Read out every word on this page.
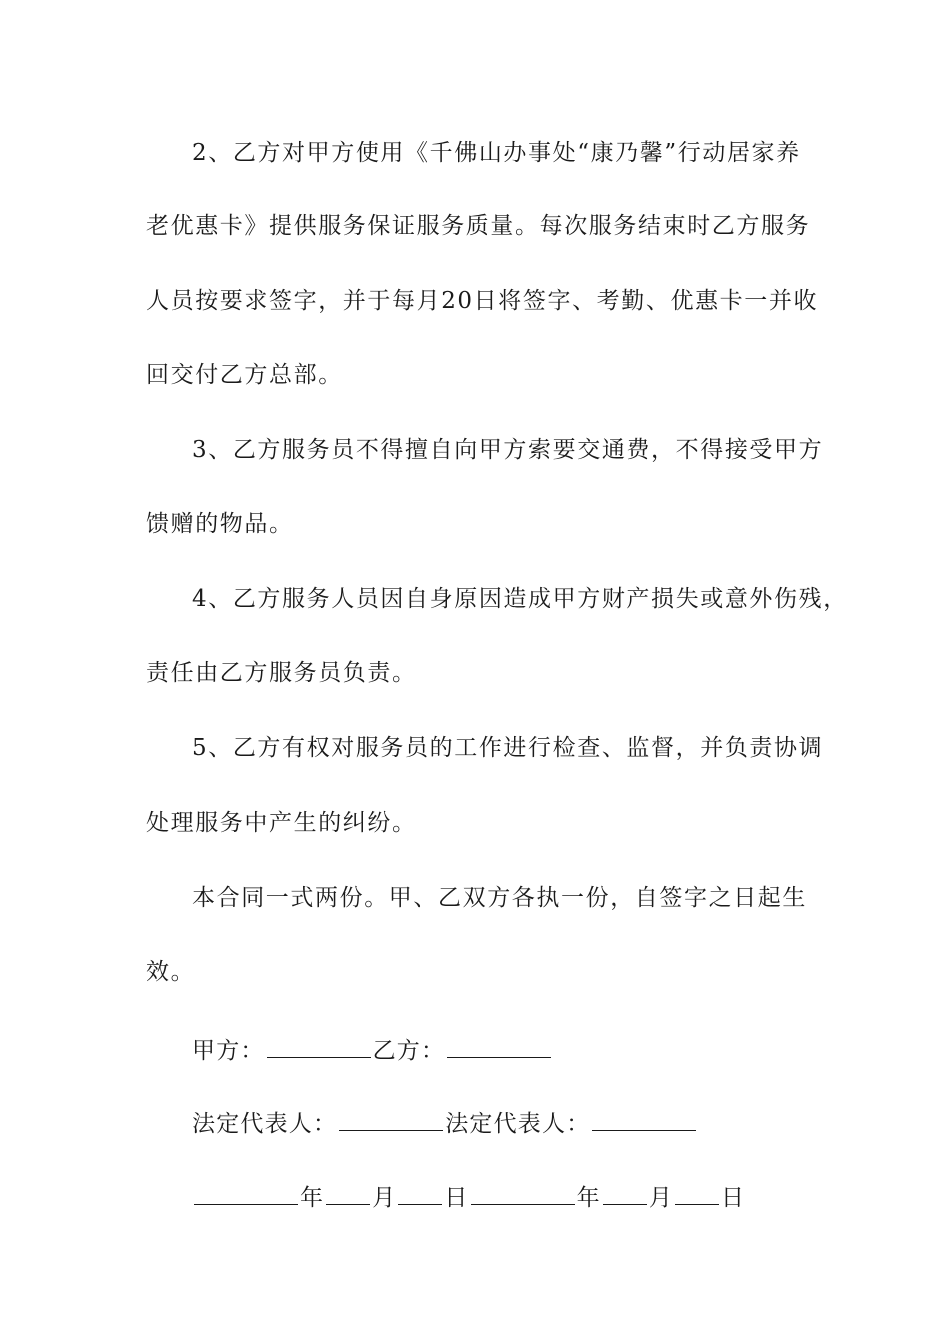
2、乙方对甲方使用《千佛山办事处“康乃馨”行动居家养
老优惠卡》提供服务保证服务质量。每次服务结束时乙方服务
人员按要求签字，并于每月20日将签字、考勤、优惠卡一并收
回交付乙方总部。
3、乙方服务员不得擅自向甲方索要交通费，不得接受甲方
馈赠的物品。
4、乙方服务人员因自身原因造成甲方财产损失或意外伤残，
责任由乙方服务员负责。
5、乙方有权对服务员的工作进行检查、监督，并负责协调
处理服务中产生的纠纷。
本合同一式两份。甲、乙双方各执一份，自签字之日起生
效。
甲方：	乙方：
法定代表人：	法定代表人：
年 月 日	年 月 日
